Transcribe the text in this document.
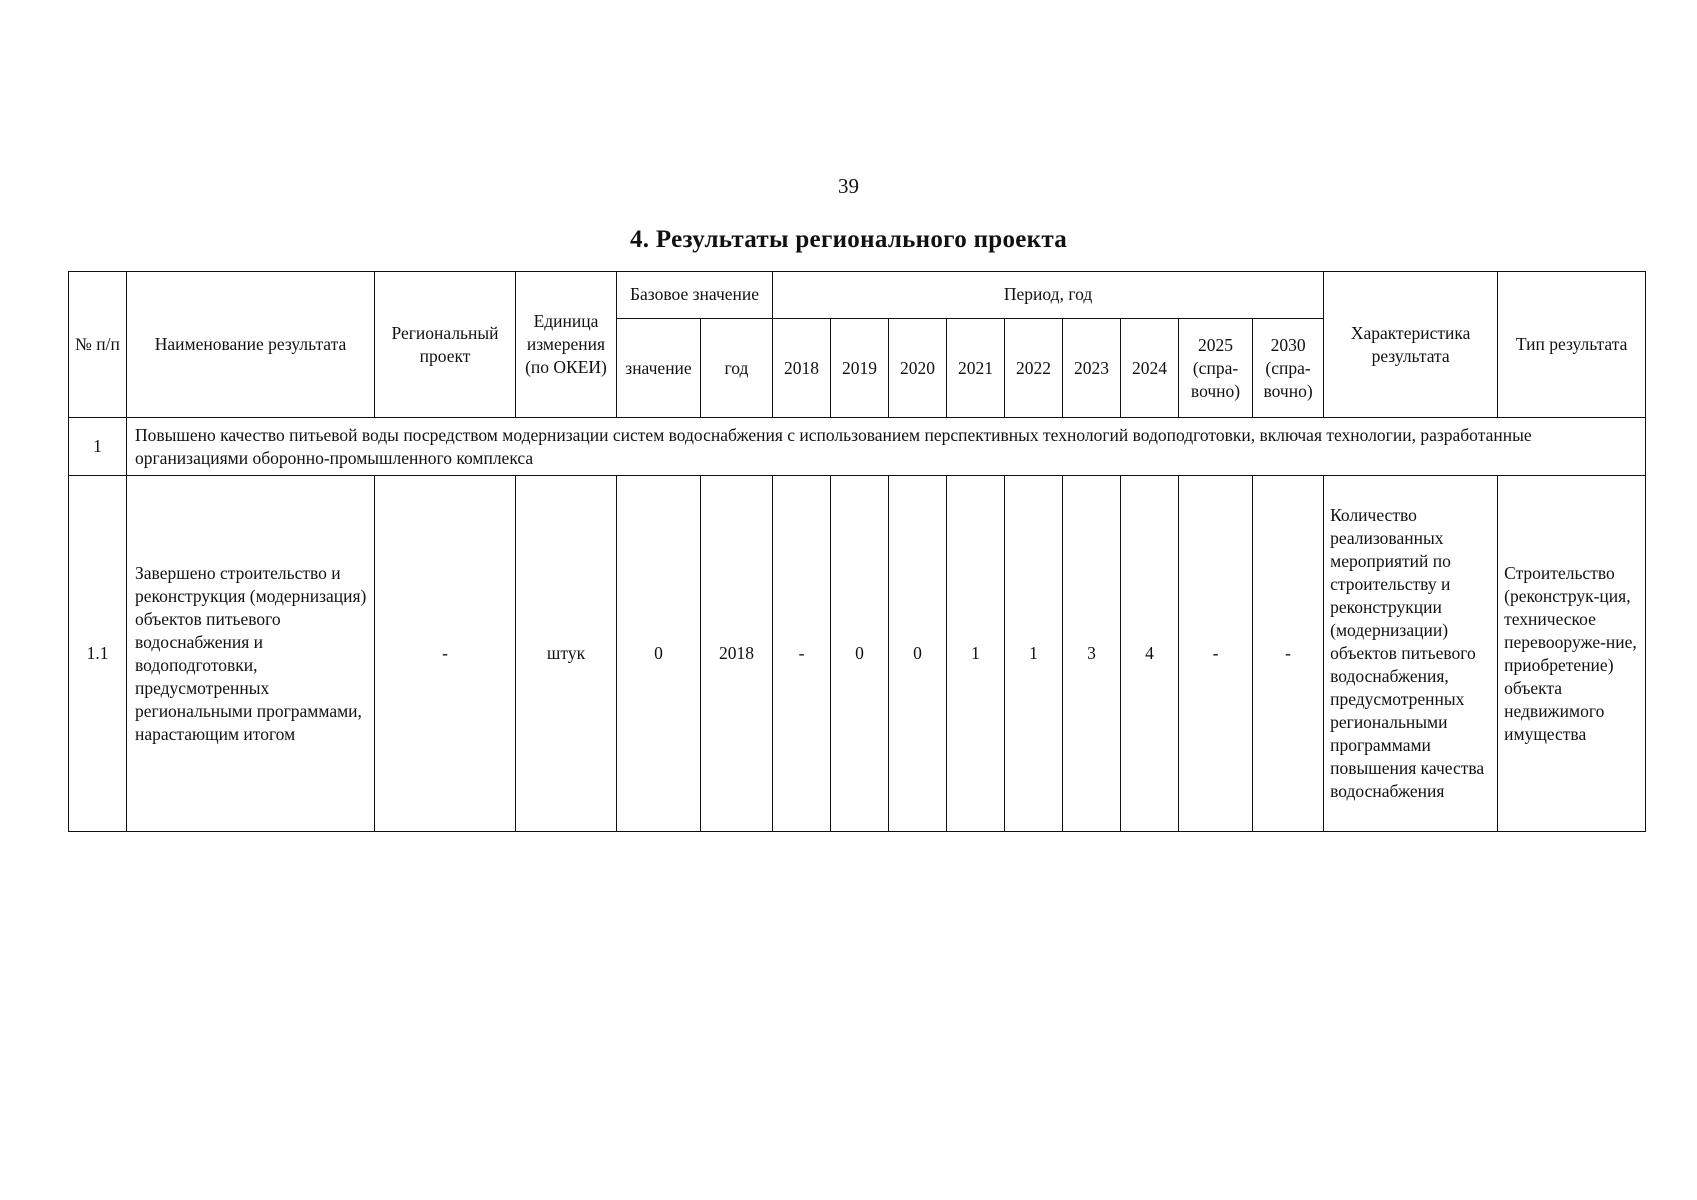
39
4. Результаты регионального проекта
№ п/п	Наименование результата	Региональный проект	Единица измерения (по ОКЕИ)	Базовое значение		Период, год									Характеристика результата	Тип результата
				значение	год	2018	2019	2020	2021	2022	2023	2024	2025 (спра-вочно)	2030 (спра-вочно)		
1	Повышено качество питьевой воды посредством модернизации систем водоснабжения с использованием перспективных технологий водоподготовки, включая технологии, разработанные организациями оборонно-промышленного комплекса															
1.1	Завершено строительство и реконструкция (модернизация) объектов питьевого водоснабжения и водоподготовки, предусмотренных региональными программами, нарастающим итогом	-	штук	0	2018	-	0	0	1	1	3	4	-	-	Количество реализованных мероприятий по строительству и реконструкции (модернизации) объектов питьевого водоснабжения, предусмотренных региональными программами повышения качества водоснабжения	Строительство (реконструк-ция, техническое перевооруже-ние, приобретение) объекта недвижимого имущества
